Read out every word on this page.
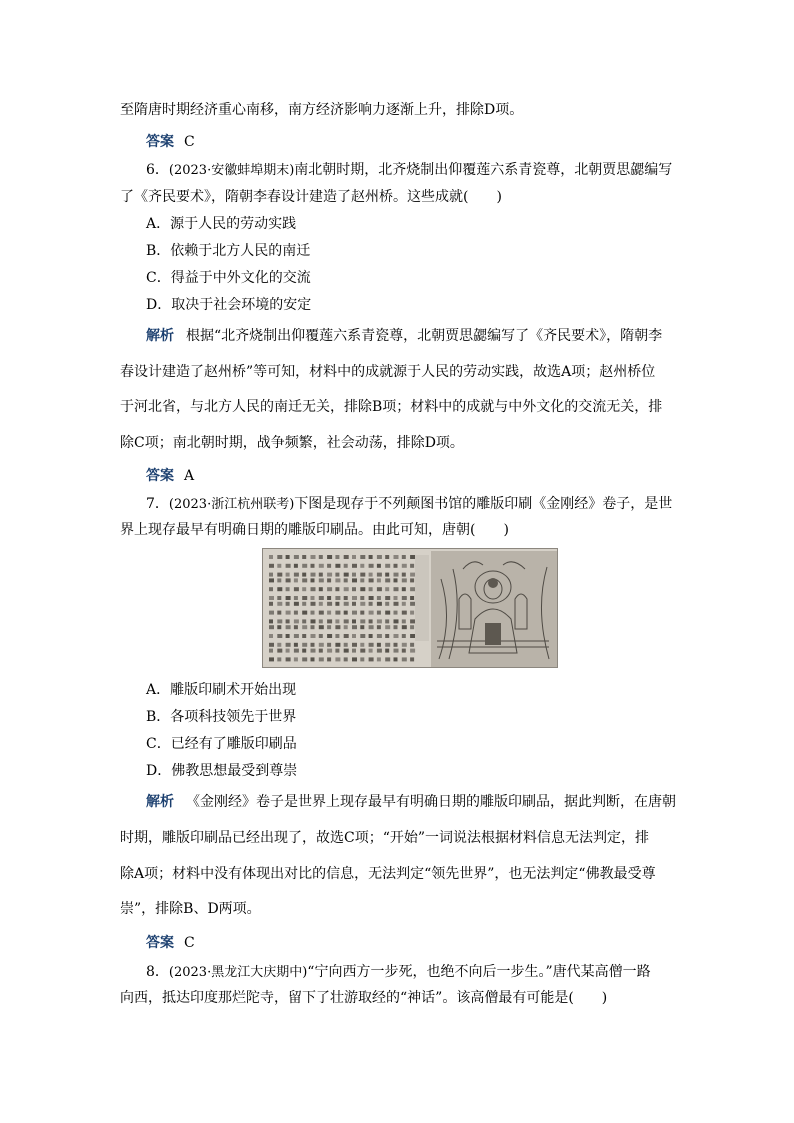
至隋唐时期经济重心南移，南方经济影响力逐渐上升，排除D项。
答案 C
6．(2023·安徽蚌埠期末)南北朝时期，北齐烧制出仰覆莲六系青瓷尊，北朝贾思勰编写
了《齐民要术》，隋朝李春设计建造了赵州桥。这些成就(　　)
A．源于人民的劳动实践
B．依赖于北方人民的南迁
C．得益于中外文化的交流
D．取决于社会环境的安定
解析 根据“北齐烧制出仰覆莲六系青瓷尊，北朝贾思勰编写了《齐民要术》，隋朝李
春设计建造了赵州桥”等可知，材料中的成就源于人民的劳动实践，故选A项；赵州桥位
于河北省，与北方人民的南迁无关，排除B项；材料中的成就与中外文化的交流无关，排
除C项；南北朝时期，战争频繁，社会动荡，排除D项。
答案 A
7．(2023·浙江杭州联考)下图是现存于不列颠图书馆的雕版印刷《金刚经》卷子，是世
界上现存最早有明确日期的雕版印刷品。由此可知，唐朝(　　)
A．雕版印刷术开始出现
B．各项科技领先于世界
C．已经有了雕版印刷品
D．佛教思想最受到尊崇
解析 《金刚经》卷子是世界上现存最早有明确日期的雕版印刷品，据此判断，在唐朝
时期，雕版印刷品已经出现了，故选C项；“开始”一词说法根据材料信息无法判定，排
除A项；材料中没有体现出对比的信息，无法判定“领先世界”，也无法判定“佛教最受尊
崇”，排除B、D两项。
答案 C
8．(2023·黑龙江大庆期中)“宁向西方一步死，也绝不向后一步生。”唐代某高僧一路
向西，抵达印度那烂陀寺，留下了壮游取经的“神话”。该高僧最有可能是(　　)
